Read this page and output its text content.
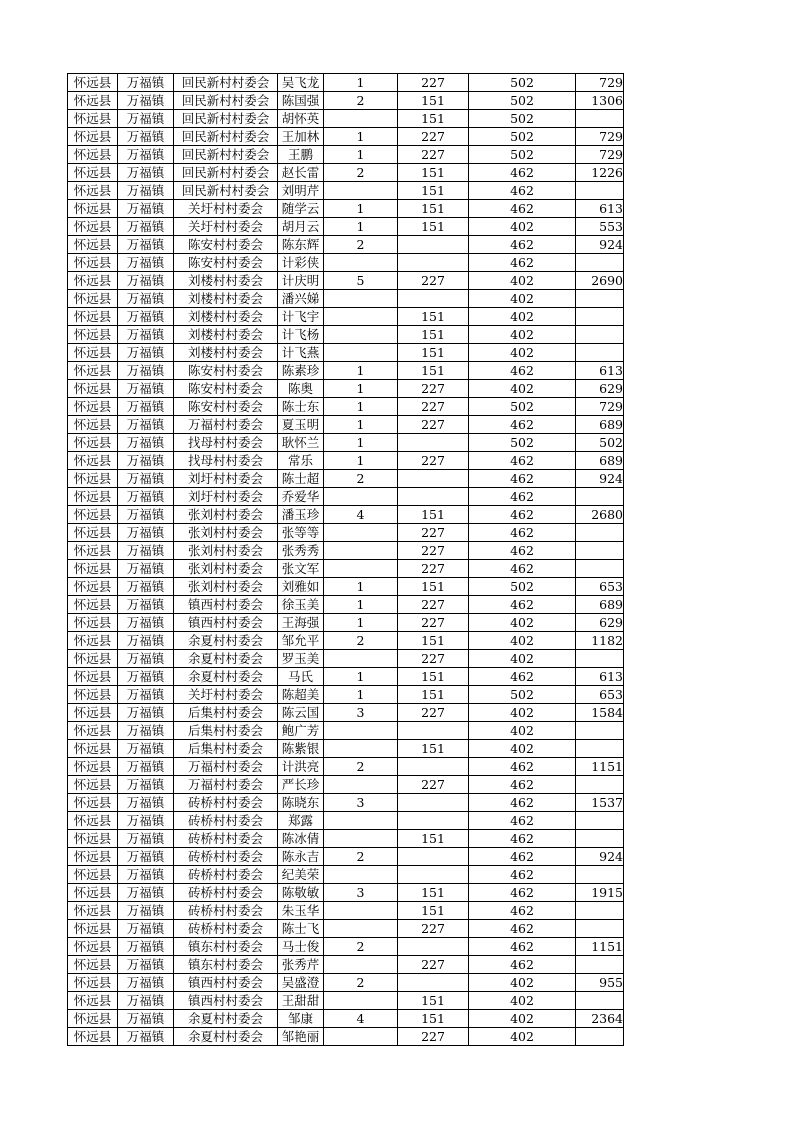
怀远县	万福镇	回民新村村委会	吴飞龙	1	227	502	729
怀远县	万福镇	回民新村村委会	陈国强	2	151	502	1306
怀远县	万福镇	回民新村村委会	胡怀英		151	502	
怀远县	万福镇	回民新村村委会	王加林	1	227	502	729
怀远县	万福镇	回民新村村委会	王鹏	1	227	502	729
怀远县	万福镇	回民新村村委会	赵长雷	2	151	462	1226
怀远县	万福镇	回民新村村委会	刘明芹		151	462	
怀远县	万福镇	关圩村村委会	随学云	1	151	462	613
怀远县	万福镇	关圩村村委会	胡月云	1	151	402	553
怀远县	万福镇	陈安村村委会	陈东辉	2		462	924
怀远县	万福镇	陈安村村委会	计彩侠			462	
怀远县	万福镇	刘楼村村委会	计庆明	5	227	402	2690
怀远县	万福镇	刘楼村村委会	潘兴娣			402	
怀远县	万福镇	刘楼村村委会	计飞宇		151	402	
怀远县	万福镇	刘楼村村委会	计飞杨		151	402	
怀远县	万福镇	刘楼村村委会	计飞燕		151	402	
怀远县	万福镇	陈安村村委会	陈素珍	1	151	462	613
怀远县	万福镇	陈安村村委会	陈奥	1	227	402	629
怀远县	万福镇	陈安村村委会	陈士东	1	227	502	729
怀远县	万福镇	万福村村委会	夏玉明	1	227	462	689
怀远县	万福镇	找母村村委会	耿怀兰	1		502	502
怀远县	万福镇	找母村村委会	常乐	1	227	462	689
怀远县	万福镇	刘圩村村委会	陈士超	2		462	924
怀远县	万福镇	刘圩村村委会	乔爱华			462	
怀远县	万福镇	张刘村村委会	潘玉珍	4	151	462	2680
怀远县	万福镇	张刘村村委会	张等等		227	462	
怀远县	万福镇	张刘村村委会	张秀秀		227	462	
怀远县	万福镇	张刘村村委会	张文军		227	462	
怀远县	万福镇	张刘村村委会	刘雅如	1	151	502	653
怀远县	万福镇	镇西村村委会	徐玉美	1	227	462	689
怀远县	万福镇	镇西村村委会	王海强	1	227	402	629
怀远县	万福镇	余夏村村委会	邹允平	2	151	402	1182
怀远县	万福镇	余夏村村委会	罗玉美		227	402	
怀远县	万福镇	余夏村村委会	马氏	1	151	462	613
怀远县	万福镇	关圩村村委会	陈超美	1	151	502	653
怀远县	万福镇	后集村村委会	陈云国	3	227	402	1584
怀远县	万福镇	后集村村委会	鲍广芳			402	
怀远县	万福镇	后集村村委会	陈紫银		151	402	
怀远县	万福镇	万福村村委会	计洪亮	2		462	1151
怀远县	万福镇	万福村村委会	严长珍		227	462	
怀远县	万福镇	砖桥村村委会	陈晓东	3		462	1537
怀远县	万福镇	砖桥村村委会	郑露			462	
怀远县	万福镇	砖桥村村委会	陈冰倩		151	462	
怀远县	万福镇	砖桥村村委会	陈永吉	2		462	924
怀远县	万福镇	砖桥村村委会	纪美荣			462	
怀远县	万福镇	砖桥村村委会	陈敬敏	3	151	462	1915
怀远县	万福镇	砖桥村村委会	朱玉华		151	462	
怀远县	万福镇	砖桥村村委会	陈士飞		227	462	
怀远县	万福镇	镇东村村委会	马士俊	2		462	1151
怀远县	万福镇	镇东村村委会	张秀芹		227	462	
怀远县	万福镇	镇西村村委会	吴盛澄	2		402	955
怀远县	万福镇	镇西村村委会	王甜甜		151	402	
怀远县	万福镇	余夏村村委会	邹康	4	151	402	2364
怀远县	万福镇	余夏村村委会	邹艳丽		227	402	
